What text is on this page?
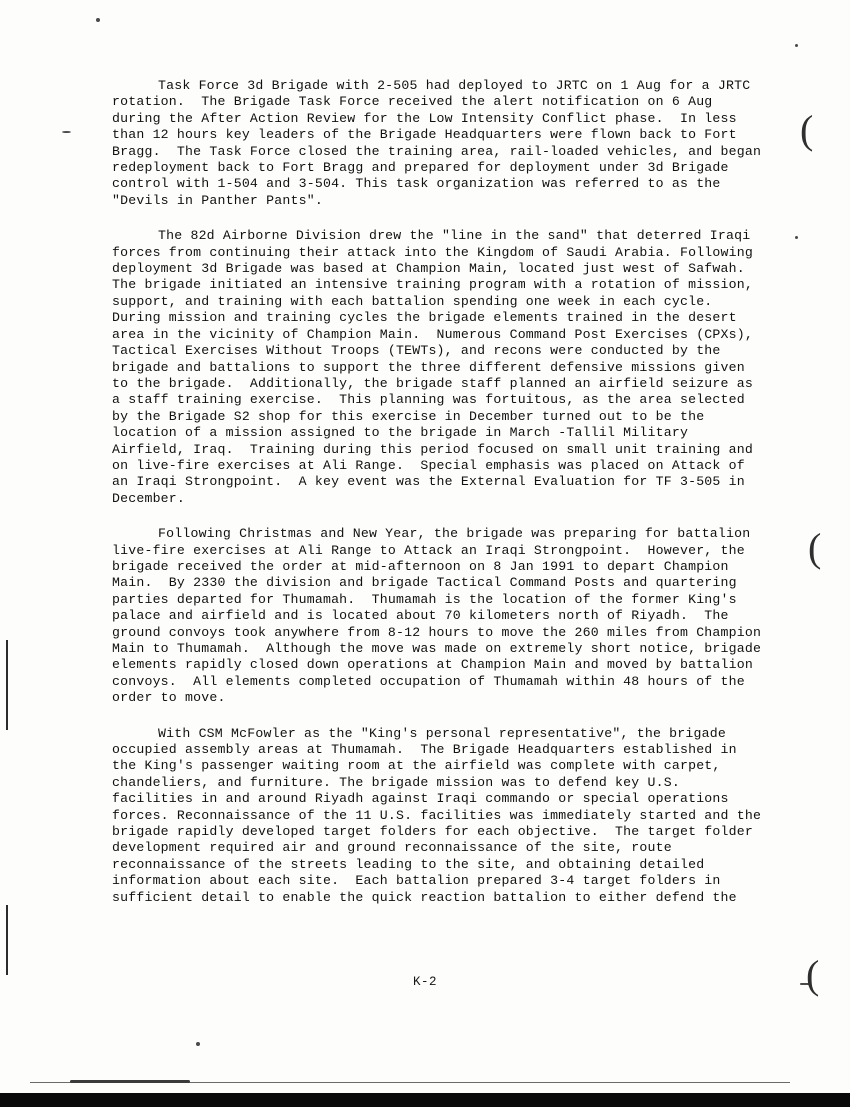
(
(
(

Task Force 3d Brigade with 2-505 had deployed to JRTC on 1 Aug for a JRTC rotation.  The Brigade Task Force received the alert notification on 6 Aug during the After Action Review for the Low Intensity Conflict phase.  In less than 12 hours key leaders of the Brigade Headquarters were flown back to Fort Bragg.  The Task Force closed the training area, rail-loaded vehicles, and began redeployment back to Fort Bragg and prepared for deployment under 3d Brigade control with 1-504 and 3-504. This task organization was referred to as the "Devils in Panther Pants".

The 82d Airborne Division drew the "line in the sand" that deterred Iraqi forces from continuing their attack into the Kingdom of Saudi Arabia. Following deployment 3d Brigade was based at Champion Main, located just west of Safwah.  The brigade initiated an intensive training program with a rotation of mission, support, and training with each battalion spending one week in each cycle.  During mission and training cycles the brigade elements trained in the desert area in the vicinity of Champion Main.  Numerous Command Post Exercises (CPXs), Tactical Exercises Without Troops (TEWTs), and recons were conducted by the brigade and battalions to support the three different defensive missions given to the brigade.  Additionally, the brigade staff planned an airfield seizure as a staff training exercise.  This planning was fortuitous, as the area selected by the Brigade S2 shop for this exercise in December turned out to be the location of a mission assigned to the brigade in March -Tallil Military Airfield, Iraq.  Training during this period focused on small unit training and on live-fire exercises at Ali Range.  Special emphasis was placed on Attack of an Iraqi Strongpoint.  A key event was the External Evaluation for TF 3-505 in December.

Following Christmas and New Year, the brigade was preparing for battalion live-fire exercises at Ali Range to Attack an Iraqi Strongpoint.  However, the brigade received the order at mid-afternoon on 8 Jan 1991 to depart Champion Main.  By 2330 the division and brigade Tactical Command Posts and quartering parties departed for Thumamah.  Thumamah is the location of the former King's palace and airfield and is located about 70 kilometers north of Riyadh.  The ground convoys took anywhere from 8-12 hours to move the 260 miles from Champion Main to Thumamah.  Although the move was made on extremely short notice, brigade elements rapidly closed down operations at Champion Main and moved by battalion convoys.  All elements completed occupation of Thumamah within 48 hours of the order to move.

With CSM McFowler as the "King's personal representative", the brigade occupied assembly areas at Thumamah.  The Brigade Headquarters established in the King's passenger waiting room at the airfield was complete with carpet, chandeliers, and furniture. The brigade mission was to defend key U.S. facilities in and around Riyadh against Iraqi commando or special operations forces. Reconnaissance of the 11 U.S. facilities was immediately started and the brigade rapidly developed target folders for each objective.  The target folder development required air and ground reconnaissance of the site, route reconnaissance of the streets leading to the site, and obtaining detailed information about each site.  Each battalion prepared 3-4 target folders in sufficient detail to enable the quick reaction battalion to either defend the

K-2
